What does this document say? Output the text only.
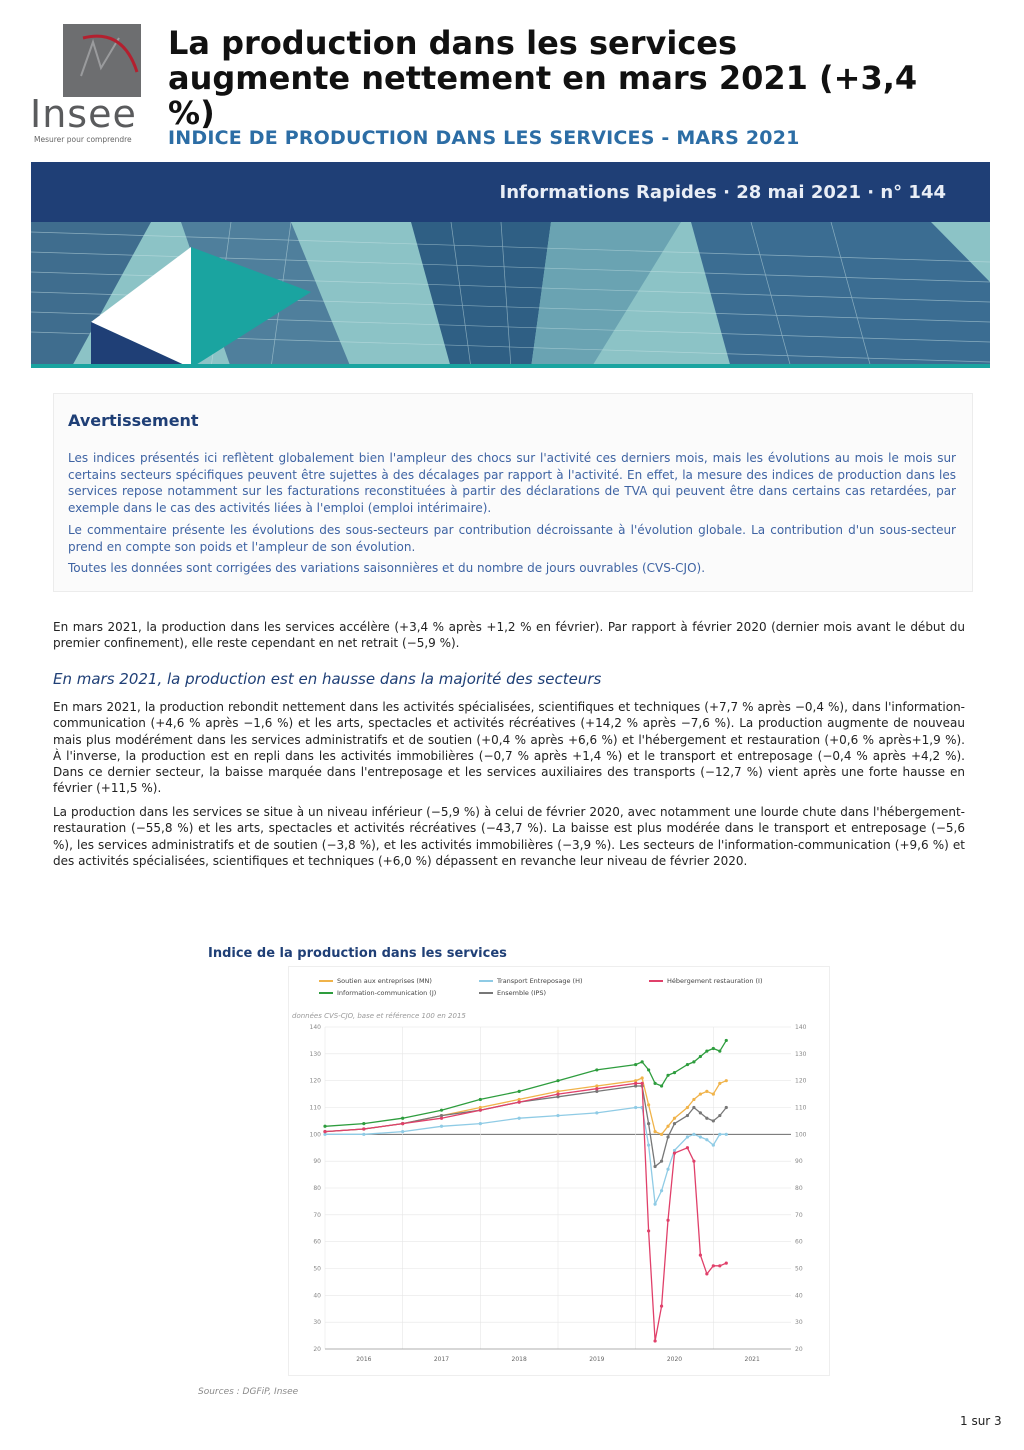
Insee
Mesurer pour comprendre
La production dans les services augmente nettement en mars 2021 (+3,4 %)
INDICE DE PRODUCTION DANS LES SERVICES - MARS 2021
Informations Rapides · 28 mai 2021 · n° 144
Avertissement
Les indices présentés ici reflètent globalement bien l'ampleur des chocs sur l'activité ces derniers mois, mais les évolutions au mois le mois sur certains secteurs spécifiques peuvent être sujettes à des décalages par rapport à l'activité. En effet, la mesure des indices de production dans les services repose notamment sur les facturations reconstituées à partir des déclarations de TVA qui peuvent être dans certains cas retardées, par exemple dans le cas des activités liées à l'emploi (emploi intérimaire).
Le commentaire présente les évolutions des sous-secteurs par contribution décroissante à l'évolution globale. La contribution d'un sous-secteur prend en compte son poids et l'ampleur de son évolution.
Toutes les données sont corrigées des variations saisonnières et du nombre de jours ouvrables (CVS-CJO).
En mars 2021, la production dans les services accélère (+3,4 % après +1,2 % en février). Par rapport à février 2020 (dernier mois avant le début du premier confinement), elle reste cependant en net retrait (−5,9 %).
En mars 2021, la production est en hausse dans la majorité des secteurs
En mars 2021, la production rebondit nettement dans les activités spécialisées, scientifiques et techniques (+7,7 % après −0,4 %), dans l'information-communication (+4,6 % après −1,6 %) et les arts, spectacles et activités récréatives (+14,2 % après −7,6 %). La production augmente de nouveau mais plus modérément dans les services administratifs et de soutien (+0,4 % après +6,6 %) et l'hébergement et restauration (+0,6 % après+1,9 %). À l'inverse, la production est en repli dans les activités immobilières (−0,7 % après +1,4 %) et le transport et entreposage (−0,4 % après +4,2 %). Dans ce dernier secteur, la baisse marquée dans l'entreposage et les services auxiliaires des transports (−12,7 %) vient après une forte hausse en février (+11,5 %).
La production dans les services se situe à un niveau inférieur (−5,9 %) à celui de février 2020, avec notamment une lourde chute dans l'hébergement-restauration (−55,8 %) et les arts, spectacles et activités récréatives (−43,7 %). La baisse est plus modérée dans le transport et entreposage (−5,6 %), les services administratifs et de soutien (−3,8 %), et les activités immobilières (−3,9 %). Les secteurs de l'information-communication (+9,6 %) et des activités spécialisées, scientifiques et techniques (+6,0 %) dépassent en revanche leur niveau de février 2020.
Indice de la production dans les services
Soutien aux entreprises (MN)	Transport Entreposage (H)	Hébergement restauration (I)
Information-communication (J)	Ensemble (IPS)
données CVS-CJO, base et référence 100 en 2015
20	20
30	30
40	40
50	50
60	60
70	70
80	80
90	90
100	100
110	110
120	120
130	130
140	140
2016	2017	2018	2019	2020	2021
Sources : DGFiP, Insee
1 sur 3
